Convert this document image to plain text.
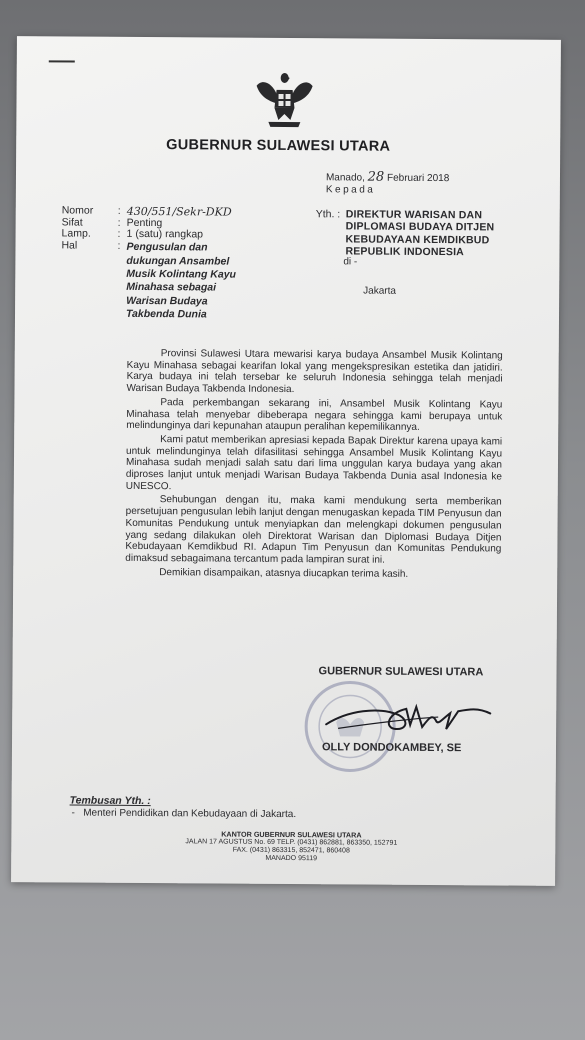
GUBERNUR SULAWESI UTARA
Manado, 28 Februari 2018
Kepada
Nomor	: 430/551/Sekr-DKD
Sifat	: Penting
Lamp.	: 1 (satu) rangkap
Hal	: Pengusulan dan
dukungan Ansambel
Musik Kolintang Kayu
Minahasa sebagai
Warisan Budaya
Takbenda Dunia
Yth. : DIREKTUR WARISAN DAN
DIPLOMASI BUDAYA DITJEN
KEBUDAYAAN KEMDIKBUD
REPUBLIK INDONESIA
di -
Jakarta

Provinsi Sulawesi Utara mewarisi karya budaya Ansambel Musik Kolintang Kayu Minahasa sebagai kearifan lokal yang mengekspresikan estetika dan jatidiri. Karya budaya ini telah tersebar ke seluruh Indonesia sehingga telah menjadi Warisan Budaya Takbenda Indonesia.

Pada perkembangan sekarang ini, Ansambel Musik Kolintang Kayu Minahasa telah menyebar dibeberapa negara sehingga kami berupaya untuk melindunginya dari kepunahan ataupun peralihan kepemilikannya.

Kami patut memberikan apresiasi kepada Bapak Direktur karena upaya kami untuk melindunginya telah difasilitasi sehingga Ansambel Musik Kolintang Kayu Minahasa sudah menjadi salah satu dari lima unggulan karya budaya yang akan diproses lanjut untuk menjadi Warisan Budaya Takbenda Dunia asal Indonesia ke UNESCO.

Sehubungan dengan itu, maka kami mendukung serta memberikan persetujuan pengusulan lebih lanjut dengan menugaskan kepada TIM Penyusun dan Komunitas Pendukung untuk menyiapkan dan melengkapi dokumen pengusulan yang sedang dilakukan oleh Direktorat Warisan dan Diplomasi Budaya Ditjen Kebudayaan Kemdikbud RI. Adapun Tim Penyusun dan Komunitas Pendukung dimaksud sebagaimana tercantum pada lampiran surat ini.

Demikian disampaikan, atasnya diucapkan terima kasih.

GUBERNUR SULAWESI UTARA
OLLY DONDOKAMBEY, SE
Tembusan Yth. :
-   Menteri Pendidikan dan Kebudayaan di Jakarta.
KANTOR GUBERNUR SULAWESI UTARA
JALAN 17 AGUSTUS No. 69 TELP. (0431) 862881, 863350, 152791
FAX. (0431) 863315, 852471, 860408
MANADO 95119
